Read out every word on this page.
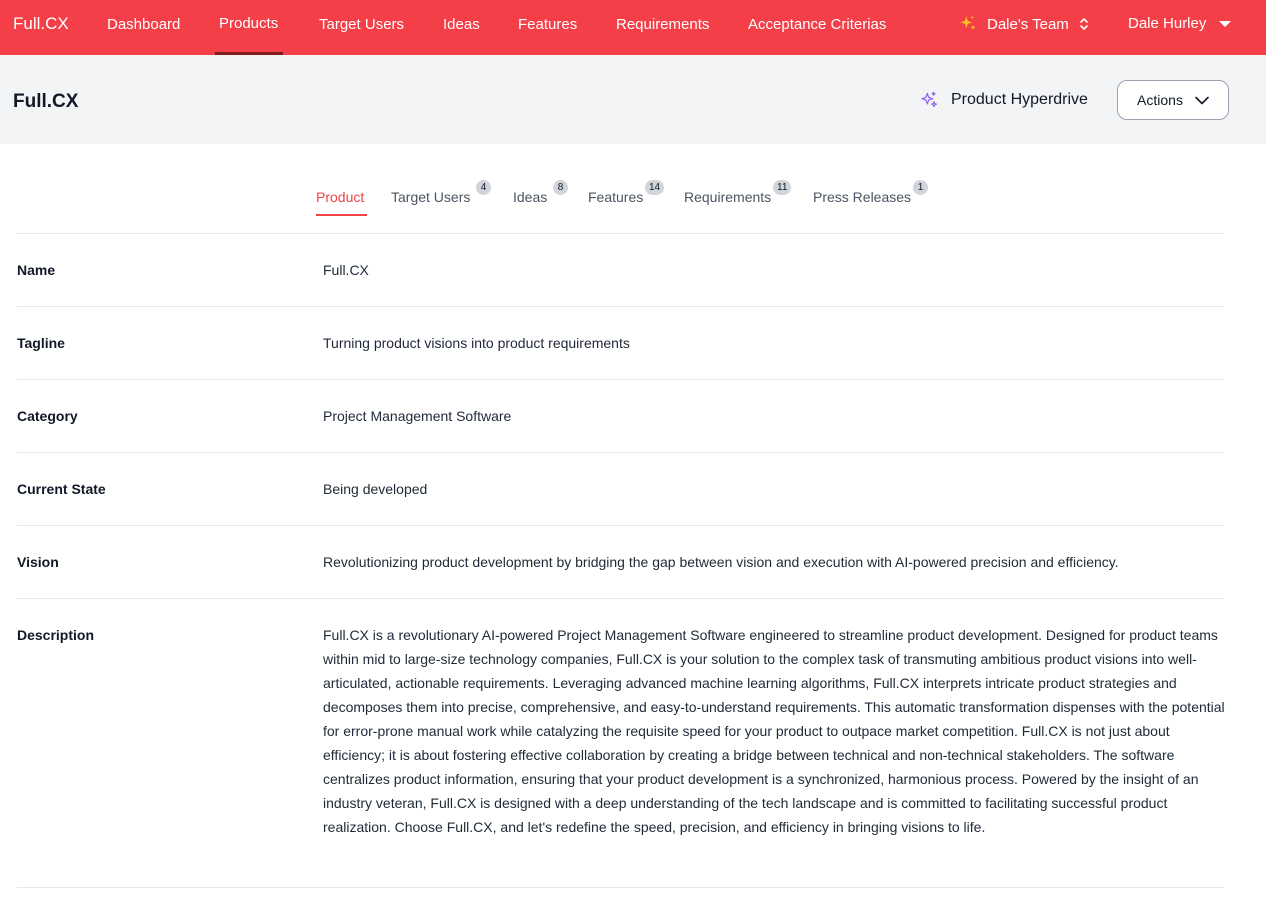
Full.CX	Dashboard	Products	Target Users	Ideas	Features	Requirements	Acceptance Criterias	Dale's Team	Dale Hurley
Full.CX	Product Hyperdrive	Actions
Product Target Users
4
Ideas
8
Features
14
Requirements
11
Press Releases
1
Name	Full.CX
Tagline	Turning product visions into product requirements
Category	Project Management Software
Current State	Being developed
Vision	Revolutionizing product development by bridging the gap between vision and execution with AI-powered precision and efficiency.
Description	Full.CX is a revolutionary AI-powered Project Management Software engineered to streamline product development. Designed for product teams within mid to large-size technology companies, Full.CX is your solution to the complex task of transmuting ambitious product visions into well-articulated, actionable requirements. Leveraging advanced machine learning algorithms, Full.CX interprets intricate product strategies and decomposes them into precise, comprehensive, and easy-to-understand requirements. This automatic transformation dispenses with the potential for error-prone manual work while catalyzing the requisite speed for your product to outpace market competition. Full.CX is not just about efficiency; it is about fostering effective collaboration by creating a bridge between technical and non-technical stakeholders. The software centralizes product information, ensuring that your product development is a synchronized, harmonious process. Powered by the insight of an industry veteran, Full.CX is designed with a deep understanding of the tech landscape and is committed to facilitating successful product realization. Choose Full.CX, and let's redefine the speed, precision, and efficiency in bringing visions to life.
